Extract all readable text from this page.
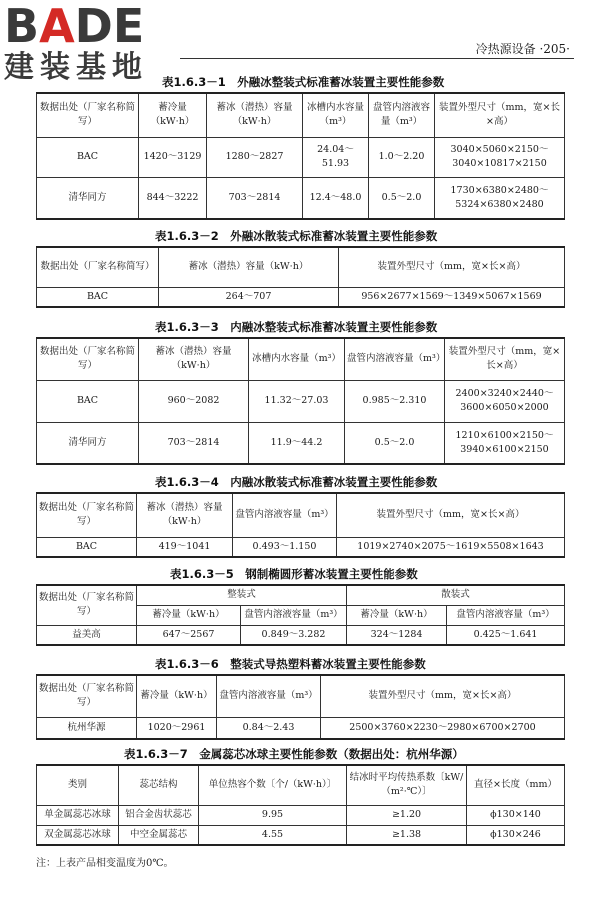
BADE
建装基地
冷热源设备 ·205·
表1.6.3－1　外融冰整装式标准蓄冰装置主要性能参数
数据出处（厂家名称简写）	蓄冷量（kW·h）	蓄冰（潜热）容量（kW·h）	冰槽内水容量（m³）	盘管内溶液容量（m³）	装置外型尺寸（mm，宽×长×高）
BAC	1420～3129	1280～2827	24.04～51.93	1.0～2.20	3040×5060×2150～3040×10817×2150
清华同方	844～3222	703～2814	12.4～48.0	0.5～2.0	1730×6380×2480～5324×6380×2480
表1.6.3－2　外融冰散装式标准蓄冰装置主要性能参数
数据出处（厂家名称简写）	蓄冰（潜热）容量（kW·h）	装置外型尺寸（mm，宽×长×高）
BAC	264～707	956×2677×1569～1349×5067×1569
表1.6.3－3　内融冰整装式标准蓄冰装置主要性能参数
数据出处（厂家名称简写）	蓄冰（潜热）容量（kW·h）	冰槽内水容量（m³）	盘管内溶液容量（m³）	装置外型尺寸（mm，宽×长×高）
BAC	960～2082	11.32～27.03	0.985～2.310	2400×3240×2440～3600×6050×2000
清华同方	703～2814	11.9～44.2	0.5～2.0	1210×6100×2150～3940×6100×2150
表1.6.3－4　内融冰散装式标准蓄冰装置主要性能参数
数据出处（厂家名称简写）	蓄冰（潜热）容量（kW·h）	盘管内溶液容量（m³）	装置外型尺寸（mm，宽×长×高）
BAC	419～1041	0.493～1.150	1019×2740×2075～1619×5508×1643
表1.6.3－5　钢制椭圆形蓄冰装置主要性能参数
数据出处（厂家名称简写）	整装式		散装式	
	蓄冷量（kW·h）	盘管内溶液容量（m³）	蓄冷量（kW·h）	盘管内溶液容量（m³）
益美高	647～2567	0.849～3.282	324～1284	0.425～1.641
表1.6.3－6　整装式导热塑料蓄冰装置主要性能参数
数据出处（厂家名称简写）	蓄冷量（kW·h）	盘管内溶液容量（m³）	装置外型尺寸（mm，宽×长×高）
杭州华源	1020～2961	0.84～2.43	2500×3760×2230～2980×6700×2700
表1.6.3－7　金属蕊芯冰球主要性能参数（数据出处：杭州华源）
类别	蕊芯结构	单位热容个数〔个/（kW·h）〕	结冰时平均传热系数〔kW/（m²·℃）〕	直径×长度（mm）
单金属蕊芯冰球	铝合金齿状蕊芯	9.95	≥1.20	ϕ130×140
双金属蕊芯冰球	中空金属蕊芯	4.55	≥1.38	ϕ130×246
注：上表产品相变温度为0℃。
